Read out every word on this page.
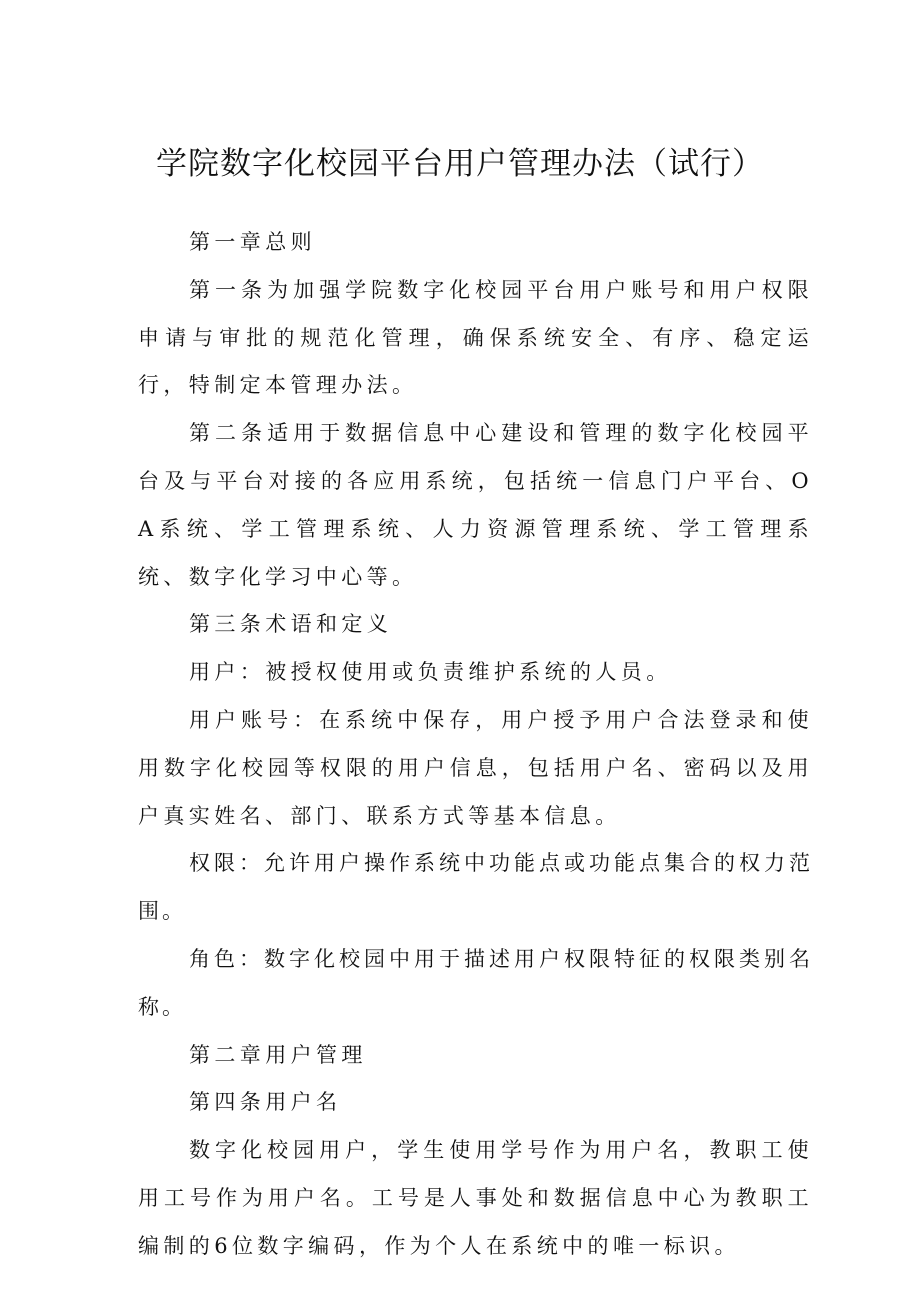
学院数字化校园平台用户管理办法（试行）

第一章总则

第一条为加强学院数字化校园平台用户账号和用户权限申请与审批的规范化管理，确保系统安全、有序、稳定运行，特制定本管理办法。

第二条适用于数据信息中心建设和管理的数字化校园平台及与平台对接的各应用系统，包括统一信息门户平台、OA系统、学工管理系统、人力资源管理系统、学工管理系统、数字化学习中心等。

第三条术语和定义

用户：被授权使用或负责维护系统的人员。

用户账号：在系统中保存，用户授予用户合法登录和使用数字化校园等权限的用户信息，包括用户名、密码以及用户真实姓名、部门、联系方式等基本信息。

权限：允许用户操作系统中功能点或功能点集合的权力范围。

角色：数字化校园中用于描述用户权限特征的权限类别名称。

第二章用户管理

第四条用户名

数字化校园用户，学生使用学号作为用户名，教职工使用工号作为用户名。工号是人事处和数据信息中心为教职工编制的6位数字编码，作为个人在系统中的唯一标识。
